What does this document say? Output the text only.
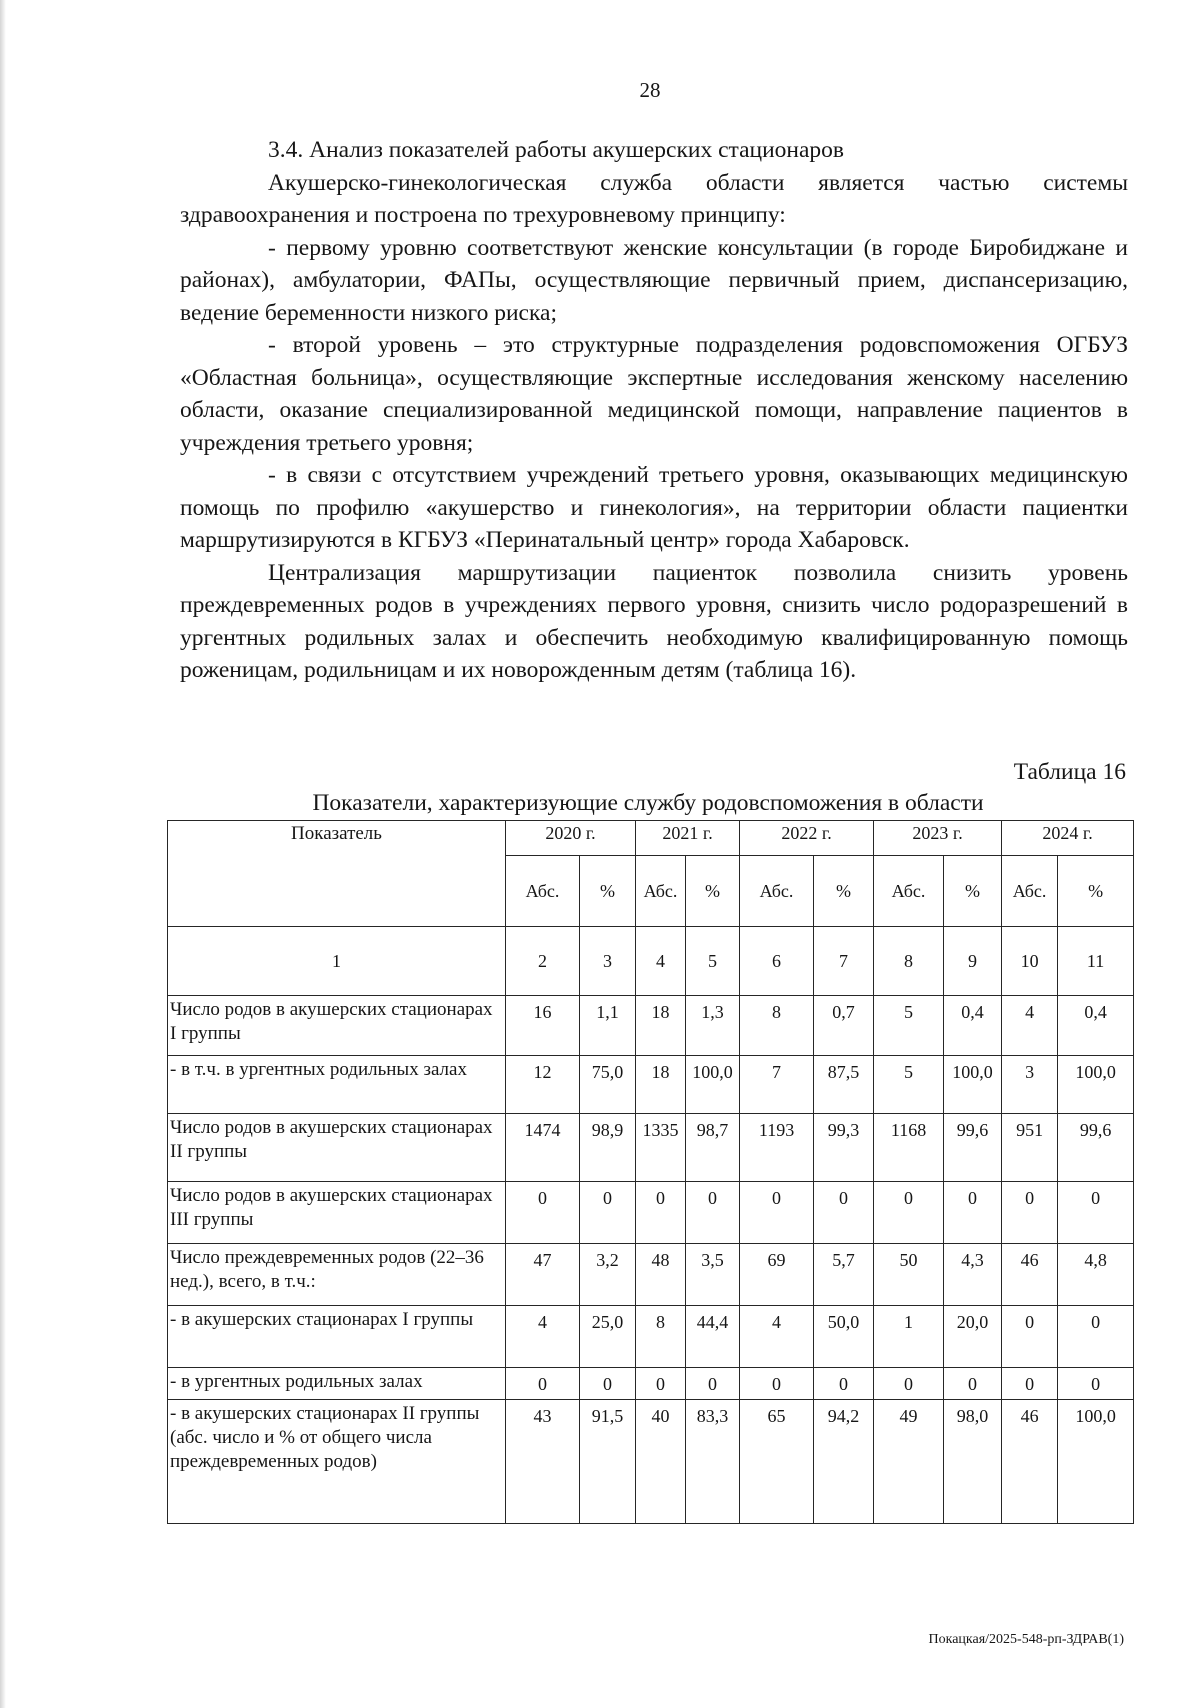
28

3.4. Анализ показателей работы акушерских стационаров

Акушерско-гинекологическая служба области является частью системы здравоохранения и построена по трехуровневому принципу:

- первому уровню соответствуют женские консультации (в городе Биробиджане и районах), амбулатории, ФАПы, осуществляющие первичный прием, диспансеризацию, ведение беременности низкого риска;

- второй уровень – это структурные подразделения родовспоможения ОГБУЗ «Областная больница», осуществляющие экспертные исследования женскому населению области, оказание специализированной медицинской помощи, направление пациентов в учреждения третьего уровня;

- в связи с отсутствием учреждений третьего уровня, оказывающих медицинскую помощь по профилю «акушерство и гинекология», на территории области пациентки маршрутизируются в КГБУЗ «Перинатальный центр» города Хабаровск.

Централизация маршрутизации пациенток позволила снизить уровень преждевременных родов в учреждениях первого уровня, снизить число родоразрешений в ургентных родильных залах и обеспечить необходимую квалифицированную помощь роженицам, родильницам и их новорожденным детям (таблица 16).

Таблица 16
Показатели, характеризующие службу родовспоможения в области
Показатель	2020 г.		2021 г.		2022 г.		2023 г.		2024 г.	
	Абс.	%	Абс.	%	Абс.	%	Абс.	%	Абс.	%
1	2	3	4	5	6	7	8	9	10	11
Число родов в акушерских стационарах I группы	16	1,1	18	1,3	8	0,7	5	0,4	4	0,4
- в т.ч. в ургентных родильных залах	12	75,0	18	100,0	7	87,5	5	100,0	3	100,0
Число родов в акушерских стационарах II группы	1474	98,9	1335	98,7	1193	99,3	1168	99,6	951	99,6
Число родов в акушерских стационарах III группы	0	0	0	0	0	0	0	0	0	0
Число преждевременных родов (22–36 нед.), всего, в т.ч.:	47	3,2	48	3,5	69	5,7	50	4,3	46	4,8
- в акушерских стационарах I группы	4	25,0	8	44,4	4	50,0	1	20,0	0	0
- в ургентных родильных залах	0	0	0	0	0	0	0	0	0	0
- в акушерских стационарах II группы (абс. число и % от общего числа преждевременных родов)	43	91,5	40	83,3	65	94,2	49	98,0	46	100,0
Покацкая/2025-548-рп-ЗДРАВ(1)
